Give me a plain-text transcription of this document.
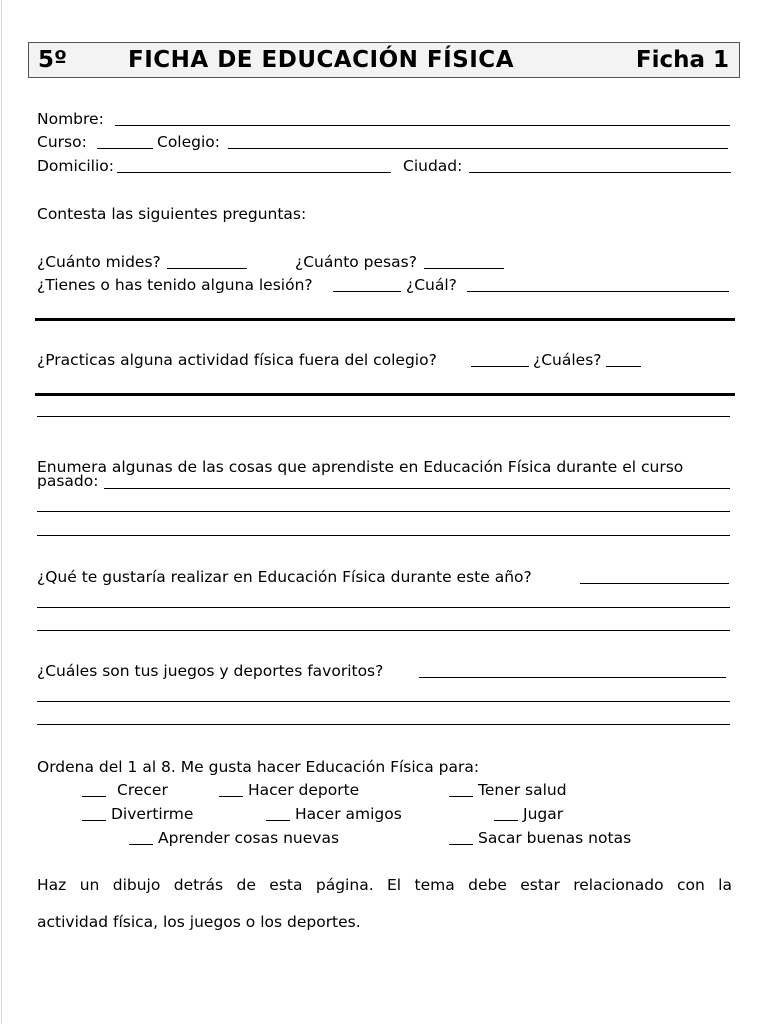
5º	FICHA DE EDUCACIÓN FÍSICA	Ficha 1
Nombre:
Curso:	Colegio:
Domicilio:	Ciudad:
Contesta las siguientes preguntas:
¿Cuánto mides?	¿Cuánto pesas?
¿Tienes o has tenido alguna lesión?	¿Cuál?
¿Practicas alguna actividad física fuera del colegio?	¿Cuáles?
Enumera algunas de las cosas que aprendiste en Educación Física durante el curso
pasado:
¿Qué te gustaría realizar en Educación Física durante este año?
¿Cuáles son tus juegos y deportes favoritos?
Ordena del 1 al 8. Me gusta hacer Educación Física para:
Crecer	Hacer deporte	Tener salud
Divertirme	Hacer amigos	Jugar
Aprender cosas nuevas	Sacar buenas notas
Haz un dibujo detrás de esta página. El tema debe estar relacionado con la
actividad física, los juegos o los deportes.
